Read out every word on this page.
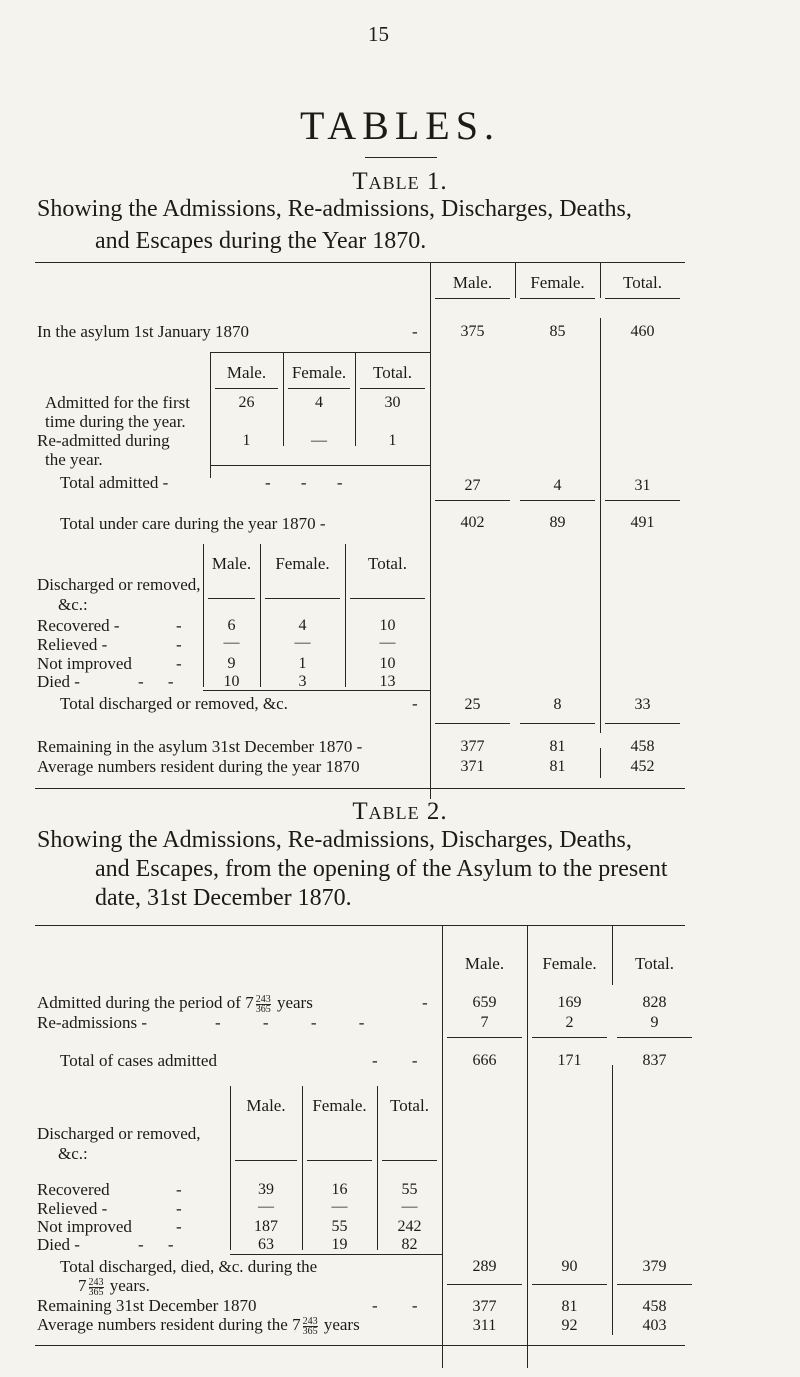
15
TABLES.
Table 1.
Showing the Admissions, Re-admissions, Discharges, Deaths,
and Escapes during the Year 1870.
Male.	Female.	Total.
In the asylum 1st January 1870	-	375	85	460
Male.	Female.	Total.
Admitted for the first
time during the year.
26	4	30
Re-admitted during
the year.
1	—	1
Total admitted -	- - -	27	4	31
Total under care during the year 1870 -	402	89	491
Male.	Female.	Total.
Discharged or removed,
&c.:
Recovered -	-	6	4	10
Relieved -	-	—	—	—
Not improved	-	9	1	10
Died -	- -	10	3	13
Total discharged or removed, &c.	-	25	8	33
Remaining in the asylum 31st December 1870 -	377	81	458
Average numbers resident during the year 1870	371	81	452
Table 2.
Showing the Admissions, Re-admissions, Discharges, Deaths,
and Escapes, from the opening of the Asylum to the present
date, 31st December 1870.
Male.	Female.	Total.
Admitted during the period of $7 \frac{243}{365}$ years	-	659	169	828
Re-admissions -	- - - -	7	2	9
Total of cases admitted	- -	666	171	837
Male.	Female.	Total.
Discharged or removed,
&c.:
Recovered	-	39	16	55
Relieved -	-	—	—	—
Not improved	-	187	55	242
Died -	- -	63	19	82
Total discharged, died, &c. during the
$7 \frac{243}{365}$ years.
289	90	379
Remaining 31st December 1870	- -	377	81	458
Average numbers resident during the $7 \frac{243}{365}$ years	311	92	403
